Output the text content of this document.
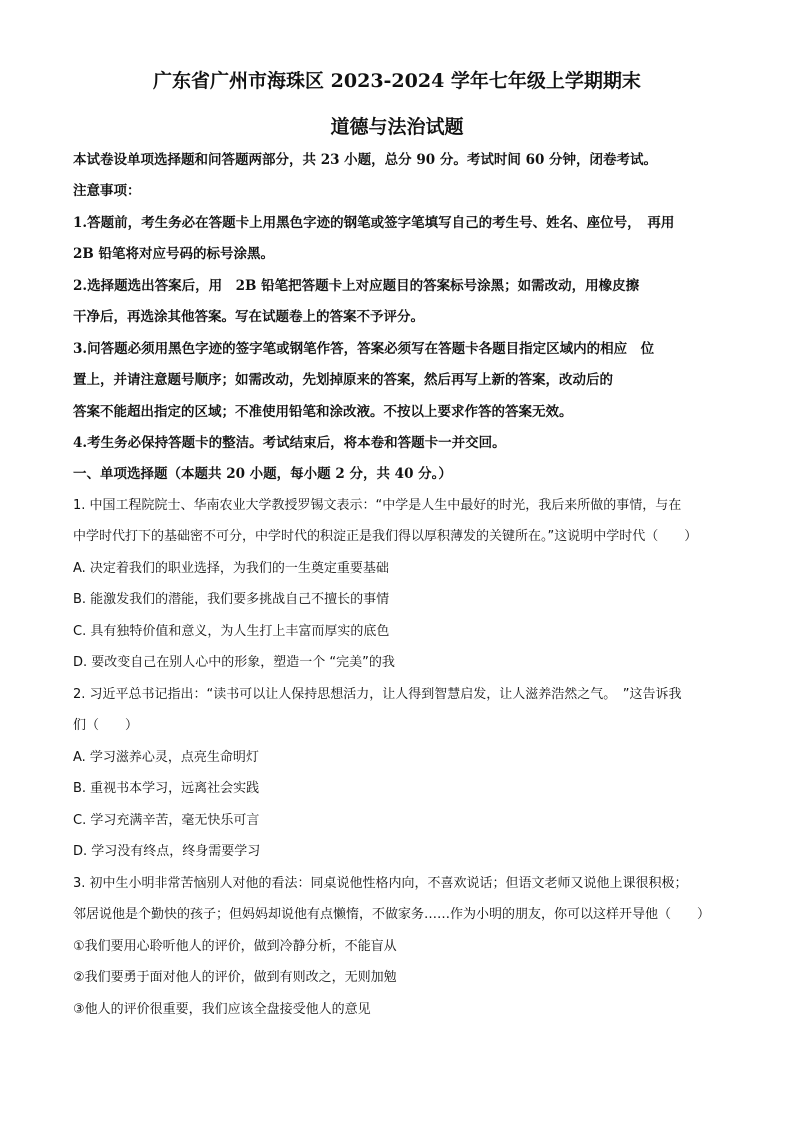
广东省广州市海珠区 2023-2024 学年七年级上学期期末
道德与法治试题
本试卷设单项选择题和问答题两部分，共 23 小题，总分 90 分。考试时间 60 分钟，闭卷考试。
注意事项：
1.答题前，考生务必在答题卡上用黑色字迹的钢笔或签字笔填写自己的考生号、姓名、座位号，　再用
2B 铅笔将对应号码的标号涂黑。
2.选择题选出答案后，用　2B 铅笔把答题卡上对应题目的答案标号涂黑；如需改动，用橡皮擦
干净后，再选涂其他答案。写在试题卷上的答案不予评分。
3.问答题必须用黑色字迹的签字笔或钢笔作答，答案必须写在答题卡各题目指定区域内的相应　位
置上，并请注意题号顺序；如需改动，先划掉原来的答案，然后再写上新的答案，改动后的
答案不能超出指定的区域；不准使用铅笔和涂改液。不按以上要求作答的答案无效。
4.考生务必保持答题卡的整洁。考试结束后，将本卷和答题卡一并交回。
一、单项选择题（本题共 20 小题，每小题 2 分，共 40 分。）
1. 中国工程院院士、华南农业大学教授罗锡文表示：“中学是人生中最好的时光，我后来所做的事情，与在
中学时代打下的基础密不可分，中学时代的积淀正是我们得以厚积薄发的关键所在。”这说明中学时代（　　）
A. 决定着我们的职业选择，为我们的一生奠定重要基础
B. 能激发我们的潜能，我们要多挑战自己不擅长的事情
C. 具有独特价值和意义，为人生打上丰富而厚实的底色
D. 要改变自己在别人心中的形象，塑造一个 “完美”的我
2. 习近平总书记指出：“读书可以让人保持思想活力，让人得到智慧启发，让人滋养浩然之气。　”这告诉我
们（　　）
A. 学习滋养心灵，点亮生命明灯
B. 重视书本学习，远离社会实践
C. 学习充满辛苦，毫无快乐可言
D. 学习没有终点，终身需要学习
3. 初中生小明非常苦恼别人对他的看法：同桌说他性格内向，不喜欢说话；但语文老师又说他上课很积极；
邻居说他是个勤快的孩子；但妈妈却说他有点懒惰，不做家务……作为小明的朋友，你可以这样开导他（　　）
①我们要用心聆听他人的评价，做到冷静分析，不能盲从
②我们要勇于面对他人的评价，做到有则改之，无则加勉
③他人的评价很重要，我们应该全盘接受他人的意见
